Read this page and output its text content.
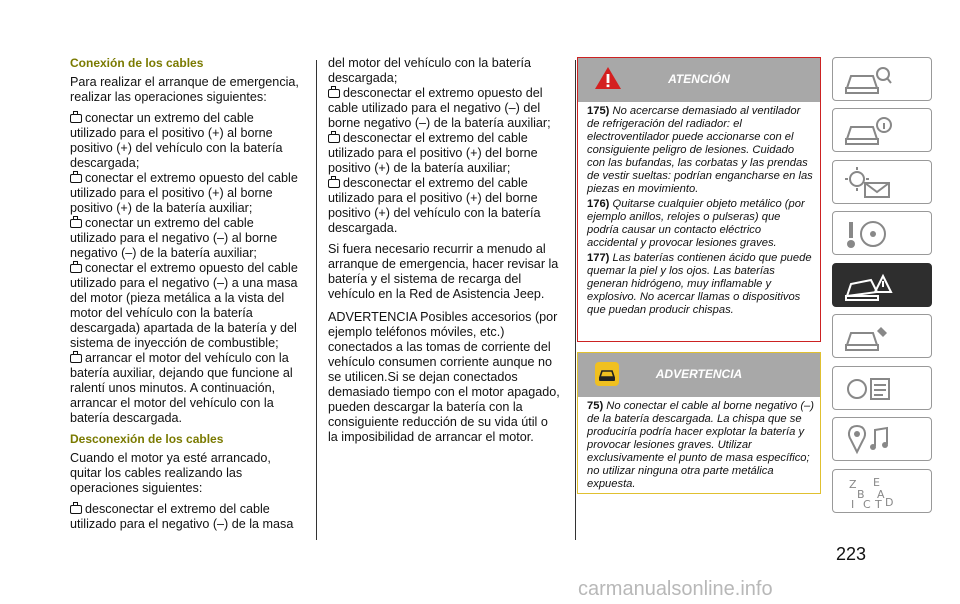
Conexión de los cables

Para realizar el arranque de emergencia, realizar las operaciones siguientes:

conectar un extremo del cable utilizado para el positivo (+) al borne positivo (+) del vehículo con la batería descargada;
conectar el extremo opuesto del cable utilizado para el positivo (+) al borne positivo (+) de la batería auxiliar;
conectar un extremo del cable utilizado para el negativo (–) al borne negativo (–) de la batería auxiliar;
conectar el extremo opuesto del cable utilizado para el negativo (–) a una masa del motor (pieza metálica a la vista del motor del vehículo con la batería descargada) apartada de la batería y del sistema de inyección de combustible;
arrancar el motor del vehículo con la batería auxiliar, dejando que funcione al ralentí unos minutos. A continuación, arrancar el motor del vehículo con la batería descargada.

Desconexión de los cables

Cuando el motor ya esté arrancado, quitar los cables realizando las operaciones siguientes:

desconectar el extremo del cable utilizado para el negativo (–) de la masa
del motor del vehículo con la batería descargada;
desconectar el extremo opuesto del cable utilizado para el negativo (–) del borne negativo (–) de la batería auxiliar;
desconectar el extremo del cable utilizado para el positivo (+) del borne positivo (+) de la batería auxiliar;
desconectar el extremo del cable utilizado para el positivo (+) del borne positivo (+) del vehículo con la batería descargada.

Si fuera necesario recurrir a menudo al arranque de emergencia, hacer revisar la batería y el sistema de recarga del vehículo en la Red de Asistencia Jeep.

ADVERTENCIA Posibles accesorios (por ejemplo teléfonos móviles, etc.) conectados a las tomas de corriente del vehículo consumen corriente aunque no se utilicen.Si se dejan conectados demasiado tiempo con el motor apagado, pueden descargar la batería con la consiguiente reducción de su vida útil o la imposibilidad de arrancar el motor.

ATENCIÓN

175) No acercarse demasiado al ventilador de refrigeración del radiador: el electroventilador puede accionarse con el consiguiente peligro de lesiones. Cuidado con las bufandas, las corbatas y las prendas de vestir sueltas: podrían engancharse en las piezas en movimiento.

176) Quitarse cualquier objeto metálico (por ejemplo anillos, relojes o pulseras) que podría causar un contacto eléctrico accidental y provocar lesiones graves.

177) Las baterías contienen ácido que puede quemar la piel y los ojos. Las baterías generan hidrógeno, muy inflamable y explosivo. No acercar llamas o dispositivos que puedan producir chispas.

ADVERTENCIA

75) No conectar el cable al borne negativo (–) de la batería descargada. La chispa que se produciría podría hacer explotar la batería y provocar lesiones graves. Utilizar exclusivamente el punto de masa específico; no utilizar ninguna otra parte metálica expuesta.	Z E
B A
I C T D
223
carmanualsonline.info
